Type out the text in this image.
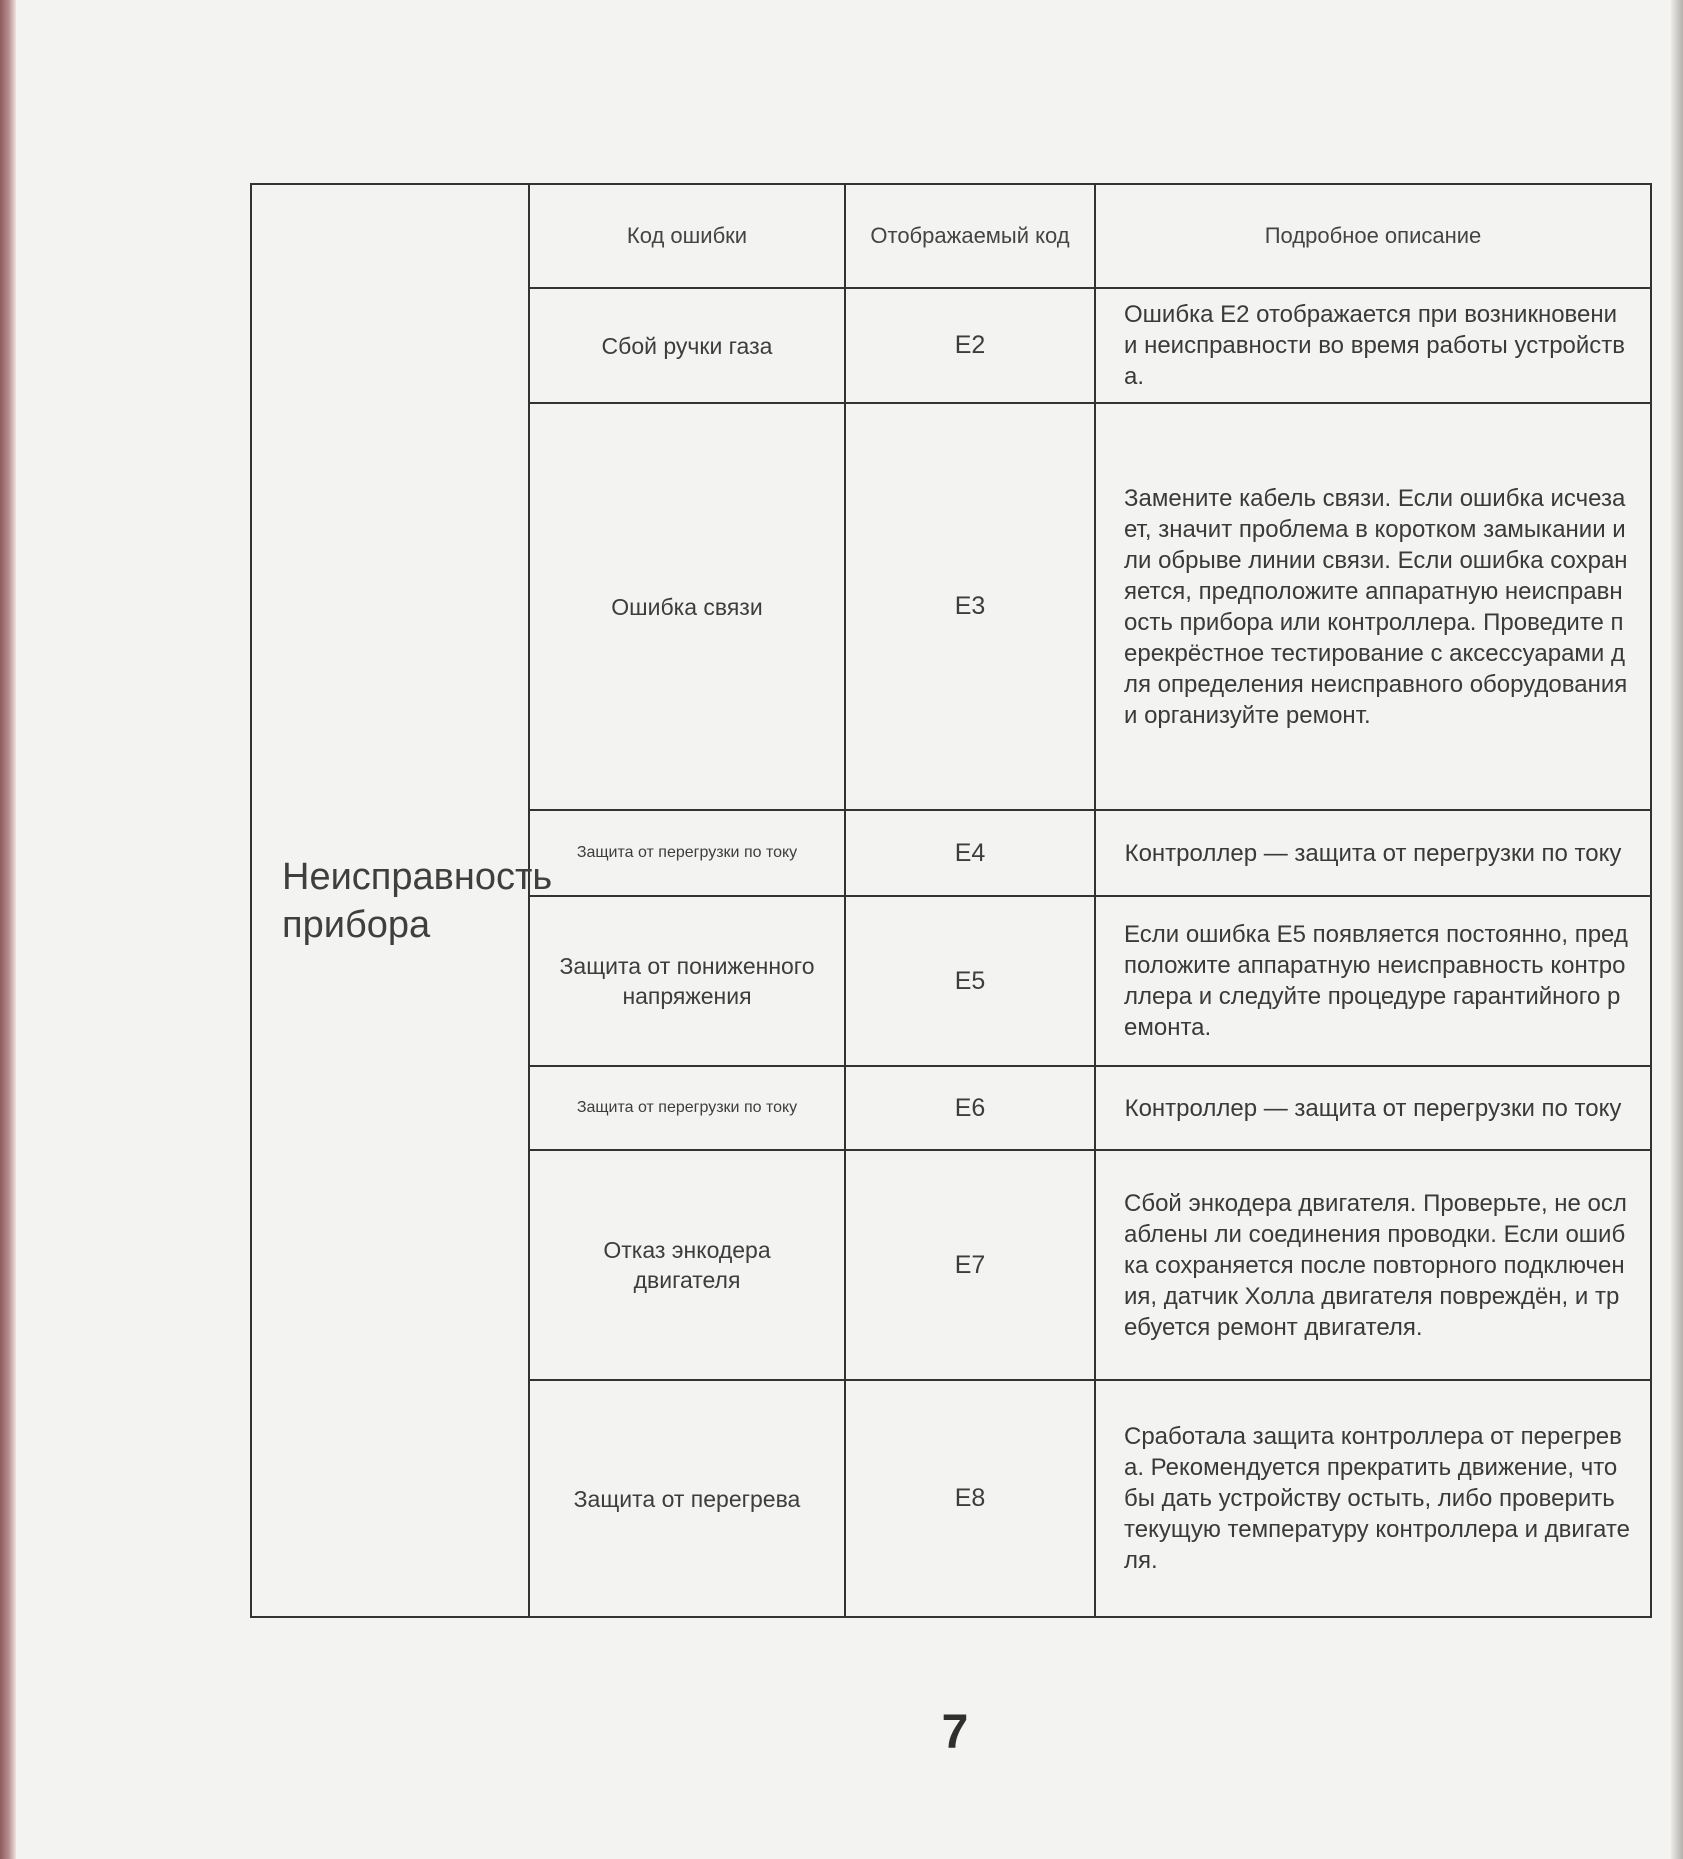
Неисправность прибора	Код ошибки	Отображаемый код	Подробное описание
	Сбой ручки газа	E2	Ошибка E2 отображается при возникновении неисправности во время работы устройства.
	Ошибка связи	E3	Замените кабель связи. Если ошибка исчезает, значит проблема в коротком замыкании или обрыве линии связи. Если ошибка сохраняется, предположите аппаратную неисправность прибора или контроллера. Проведите перекрёстное тестирование с аксессуарами для определения неисправного оборудования и организуйте ремонт.
	Защита от перегрузки по току	E4	Контроллер — защита от перегрузки по току
	Защита от пониженного напряжения	E5	Если ошибка E5 появляется постоянно, предположите аппаратную неисправность контроллера и следуйте процедуре гарантийного ремонта.
	Защита от перегрузки по току	E6	Контроллер — защита от перегрузки по току
	Отказ энкодера двигателя	E7	Сбой энкодера двигателя. Проверьте, не ослаблены ли соединения проводки. Если ошибка сохраняется после повторного подключения, датчик Холла двигателя повреждён, и требуется ремонт двигателя.
	Защита от перегрева	E8	Сработала защита контроллера от перегрева. Рекомендуется прекратить движение, чтобы дать устройству остыть, либо проверить текущую температуру контроллера и двигателя.
7
